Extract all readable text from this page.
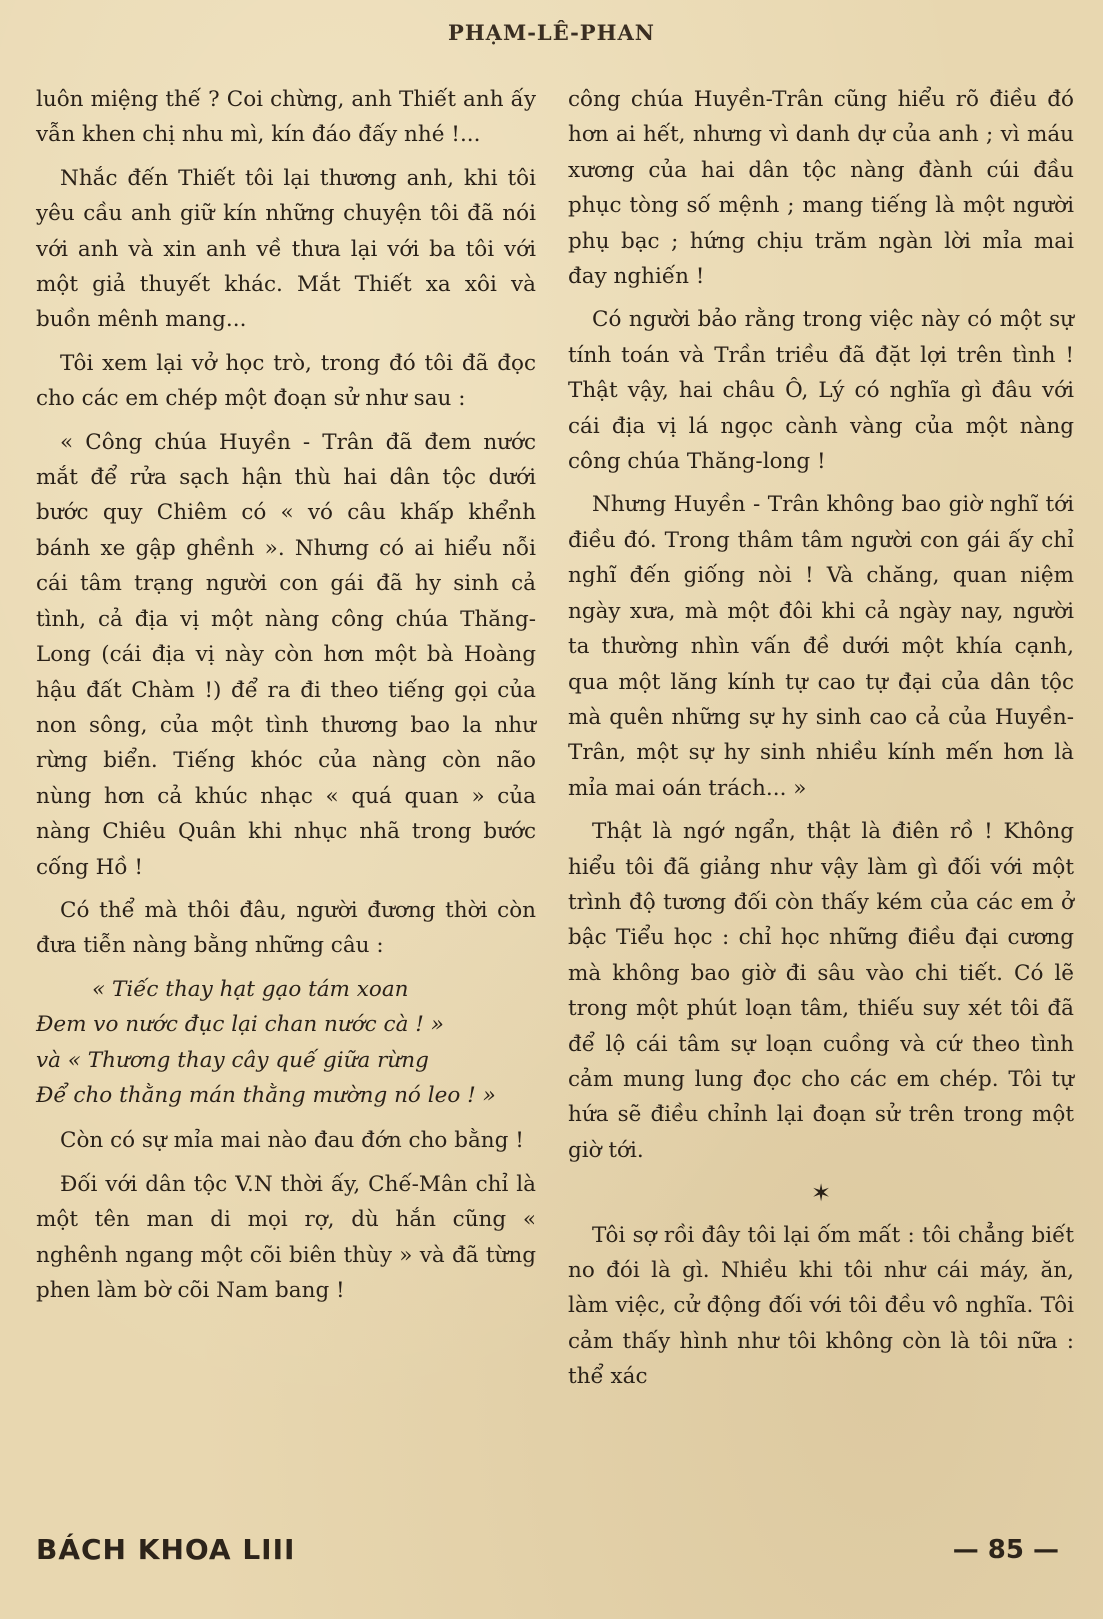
PHẠM-LÊ-PHAN

luôn miệng thế ? Coi chừng, anh Thiết anh ấy vẫn khen chị nhu mì, kín đáo đấy nhé !...

Nhắc đến Thiết tôi lại thương anh, khi tôi yêu cầu anh giữ kín những chuyện tôi đã nói với anh và xin anh về thưa lại với ba tôi với một giả thuyết khác. Mắt Thiết xa xôi và buồn mênh mang...

Tôi xem lại vở học trò, trong đó tôi đã đọc cho các em chép một đoạn sử như sau :

« Công chúa Huyền - Trân đã đem nước mắt để rửa sạch hận thù hai dân tộc dưới bước quy Chiêm có « vó câu khấp khểnh bánh xe gập ghềnh ». Nhưng có ai hiểu nỗi cái tâm trạng người con gái đã hy sinh cả tình, cả địa vị một nàng công chúa Thăng-Long (cái địa vị này còn hơn một bà Hoàng hậu đất Chàm !) để ra đi theo tiếng gọi của non sông, của một tình thương bao la như rừng biển. Tiếng khóc của nàng còn não nùng hơn cả khúc nhạc « quá quan » của nàng Chiêu Quân khi nhục nhã trong bước cống Hồ !

Có thể mà thôi đâu, người đương thời còn đưa tiễn nàng bằng những câu :

« Tiếc thay hạt gạo tám xoan
Đem vo nước đục lại chan nước cà ! »
và « Thương thay cây quế giữa rừng
Để cho thằng mán thằng mường nó leo ! »

Còn có sự mỉa mai nào đau đớn cho bằng !

Đối với dân tộc V.N thời ấy, Chế-Mân chỉ là một tên man di mọi rợ, dù hắn cũng « nghênh ngang một cõi biên thùy » và đã từng phen làm bờ cõi Nam bang !

công chúa Huyền-Trân cũng hiểu rõ điều đó hơn ai hết, nhưng vì danh dự của anh ; vì máu xương của hai dân tộc nàng đành cúi đầu phục tòng số mệnh ; mang tiếng là một người phụ bạc ; hứng chịu trăm ngàn lời mỉa mai đay nghiến !

Có người bảo rằng trong việc này có một sự tính toán và Trần triều đã đặt lợi trên tình ! Thật vậy, hai châu Ô, Lý có nghĩa gì đâu với cái địa vị lá ngọc cành vàng của một nàng công chúa Thăng-long !

Nhưng Huyền - Trân không bao giờ nghĩ tới điều đó. Trong thâm tâm người con gái ấy chỉ nghĩ đến giống nòi ! Và chăng, quan niệm ngày xưa, mà một đôi khi cả ngày nay, người ta thường nhìn vấn đề dưới một khía cạnh, qua một lăng kính tự cao tự đại của dân tộc mà quên những sự hy sinh cao cả của Huyền-Trân, một sự hy sinh nhiều kính mến hơn là mỉa mai oán trách... »

Thật là ngớ ngẩn, thật là điên rồ ! Không hiểu tôi đã giảng như vậy làm gì đối với một trình độ tương đối còn thấy kém của các em ở bậc Tiểu học : chỉ học những điều đại cương mà không bao giờ đi sâu vào chi tiết. Có lẽ trong một phút loạn tâm, thiếu suy xét tôi đã để lộ cái tâm sự loạn cuồng và cứ theo tình cảm mung lung đọc cho các em chép. Tôi tự hứa sẽ điều chỉnh lại đoạn sử trên trong một giờ tới.

✶

Tôi sợ rồi đây tôi lại ốm mất : tôi chẳng biết no đói là gì. Nhiều khi tôi như cái máy, ăn, làm việc, cử động đối với tôi đều vô nghĩa. Tôi cảm thấy hình như tôi không còn là tôi nữa : thể xác

BÁCH KHOA LIII	— 85 —
